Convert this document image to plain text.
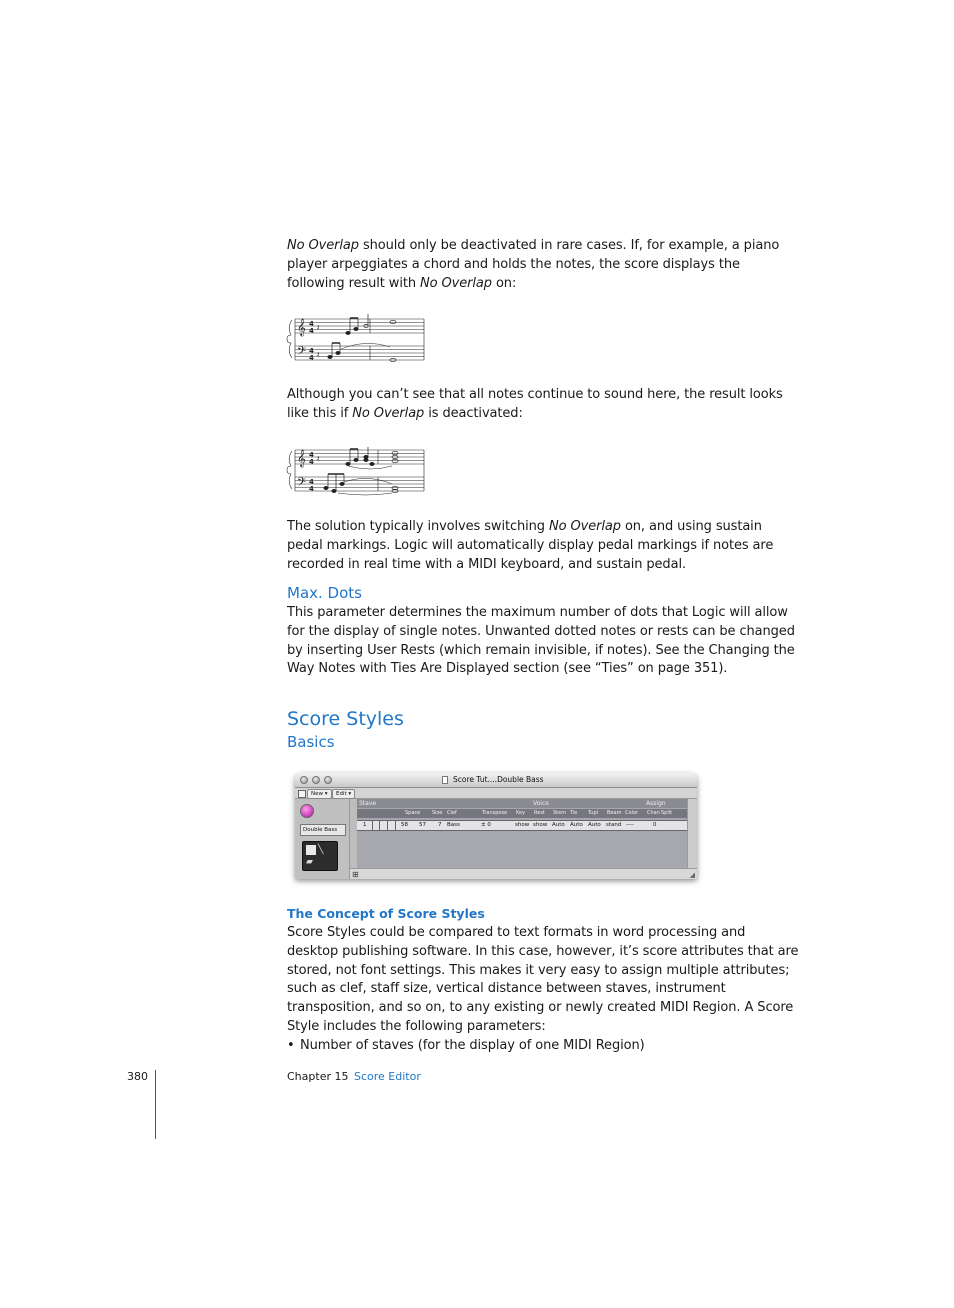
No Overlap should only be deactivated in rare cases. If, for example, a piano player arpeggiates a chord and holds the notes, the score displays the following result with No Overlap on:

𝄞
𝄢
4
4
4
4
𝄽
𝄽

Although you can’t see that all notes continue to sound here, the result looks like this if No Overlap is deactivated:

𝄞
𝄢
4
4
4
4
𝄽

The solution typically involves switching No Overlap on, and using sustain pedal markings. Logic will automatically display pedal markings if notes are recorded in real time with a MIDI keyboard, and sustain pedal.

Max. Dots

This parameter determines the maximum number of dots that Logic will allow for the display of single notes. Unwanted dotted notes or rests can be changed by inserting User Rests (which remain invisible, if notes). See the Changing the Way Notes with Ties Are Displayed section (see “Ties” on page 351).

Score Styles
Basics
Score Tut....Double Bass
New ▾	Edit ▾
Double Bass
╲
▰
Stave	Voice	Assign
Space Size Clef	Transpose Key Rest Stem Tie Tupl Beam Color Chan Split
1	58 57 7 Bass	± 0	show show Auto Auto Auto stand ----	0
⊞	◢
The Concept of Score Styles

Score Styles could be compared to text formats in word processing and desktop publishing software. In this case, however, it’s score attributes that are stored, not font settings. This makes it very easy to assign multiple attributes; such as clef, staff size, vertical distance between staves, instrument transposition, and so on, to any existing or newly created MIDI Region. A Score Style includes the following parameters:

• Number of staves (for the display of one MIDI Region)

380	Chapter 15 Score Editor
